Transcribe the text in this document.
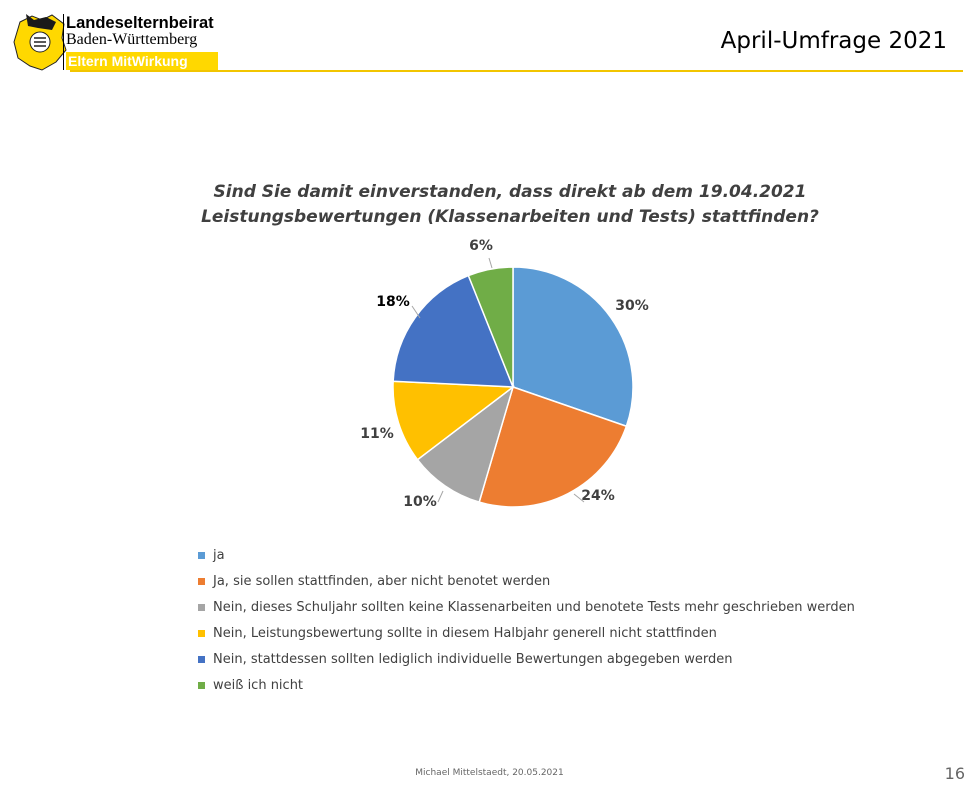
Landeselternbeirat
Baden-Württemberg
Eltern MitWirkung
April-Umfrage 2021
Sind Sie damit einverstanden, dass direkt ab dem 19.04.2021
Leistungsbewertungen (Klassenarbeiten und Tests) stattfinden?
30%
24%
10%
11%
18%
6%
ja
Ja, sie sollen stattfinden, aber nicht benotet werden
Nein, dieses Schuljahr sollten keine Klassenarbeiten und benotete Tests mehr geschrieben werden
Nein, Leistungsbewertung sollte in diesem Halbjahr generell nicht stattfinden
Nein, stattdessen sollten lediglich individuelle Bewertungen abgegeben werden
weiß ich nicht
Michael Mittelstaedt, 20.05.2021	16
